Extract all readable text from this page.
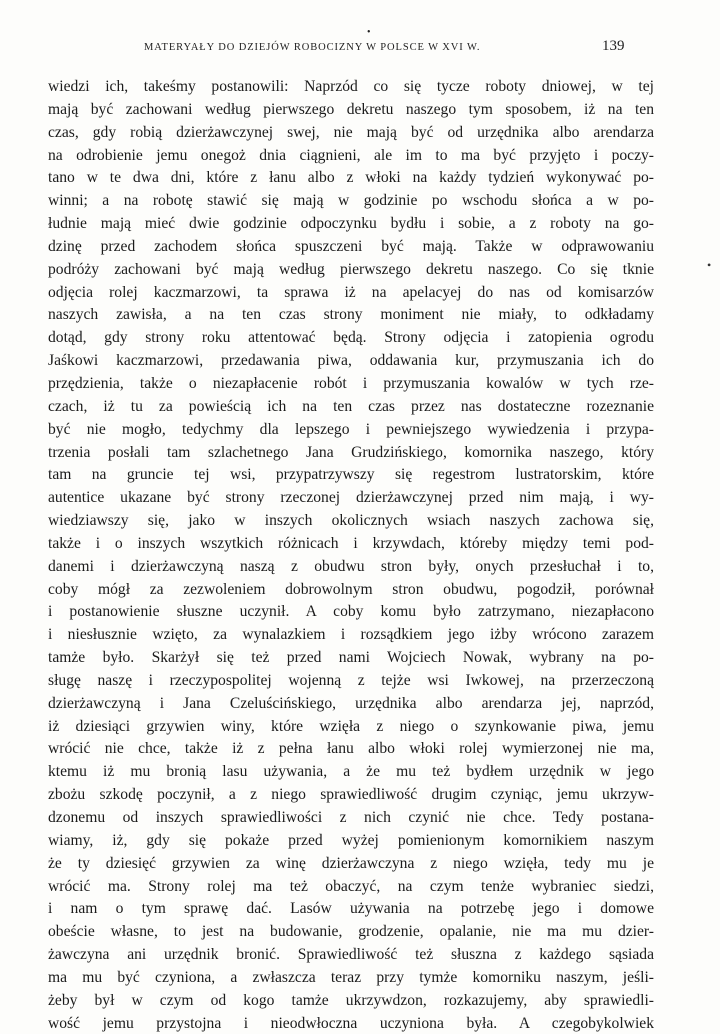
•
MATERYAŁY DO DZIEJÓW ROBOCIZNY W POLSCE W XVI W.	139
•
wiedzi ich, takeśmy postanowili: Naprzód co się tycze roboty dniowej, w tej
mają być zachowani według pierwszego dekretu naszego tym sposobem, iż na ten
czas, gdy robią dzierżawczynej swej, nie mają być od urzędnika albo arendarza
na odrobienie jemu onegoż dnia ciągnieni, ale im to ma być przyjęto i poczy-
tano w te dwa dni, które z łanu albo z włoki na każdy tydzień wykonywać po-
winni; a na robotę stawić się mają w godzinie po wschodu słońca a w po-
łudnie mają mieć dwie godzinie odpoczynku bydłu i sobie, a z roboty na go-
dzinę przed zachodem słońca spuszczeni być mają. Także w odprawowaniu
podróży zachowani być mają według pierwszego dekretu naszego. Co się tknie
odjęcia rolej kaczmarzowi, ta sprawa iż na apelacyej do nas od komisarzów
naszych zawisła, a na ten czas strony moniment nie miały, to odkładamy
dotąd, gdy strony roku attentować będą. Strony odjęcia i zatopienia ogrodu
Jaśkowi kaczmarzowi, przedawania piwa, oddawania kur, przymuszania ich do
przędzienia, także o niezapłacenie robót i przymuszania kowalów w tych rze-
czach, iż tu za powieścią ich na ten czas przez nas dostateczne rozeznanie
być nie mogło, tedychmy dla lepszego i pewniejszego wywiedzenia i przypa-
trzenia posłali tam szlachetnego Jana Grudzińskiego, komornika naszego, który
tam na gruncie tej wsi, przypatrzywszy się regestrom lustratorskim, które
autentice ukazane być strony rzeczonej dzierżawczynej przed nim mają, i wy-
wiedziawszy się, jako w inszych okolicznych wsiach naszych zachowa się,
także i o inszych wszytkich różnicach i krzywdach, któreby między temi pod-
danemi i dzierżawczyną naszą z obudwu stron były, onych przesłuchał i to,
coby mógł za zezwoleniem dobrowolnym stron obudwu, pogodził, porównał
i postanowienie słuszne uczynił. A coby komu było zatrzymano, niezapłacono
i niesłusznie wzięto, za wynalazkiem i rozsądkiem jego iżby wrócono zarazem
tamże było. Skarżył się też przed nami Wojciech Nowak, wybrany na po-
sługę naszę i rzeczypospolitej wojenną z tejże wsi Iwkowej, na przerzeczoną
dzierżawczyną i Jana Czeluścińskiego, urzędnika albo arendarza jej, naprzód,
iż dziesiąci grzywien winy, które wzięła z niego o szynkowanie piwa, jemu
wrócić nie chce, także iż z pełna łanu albo włoki rolej wymierzonej nie ma,
ktemu iż mu bronią lasu używania, a że mu też bydłem urzędnik w jego
zbożu szkodę poczynił, a z niego sprawiedliwość drugim czyniąc, jemu ukrzyw-
dzonemu od inszych sprawiedliwości z nich czynić nie chce. Tedy postana-
wiamy, iż, gdy się pokaże przed wyżej pomienionym komornikiem naszym
że ty dziesięć grzywien za winę dzierżawczyna z niego wzięła, tedy mu je
wrócić ma. Strony rolej ma też obaczyć, na czym tenże wybraniec siedzi,
i nam o tym sprawę dać. Lasów używania na potrzebę jego i domowe
obeście własne, to jest na budowanie, grodzenie, opalanie, nie ma mu dzier-
żawczyna ani urzędnik bronić. Sprawiedliwość też słuszna z każdego sąsiada
ma mu być czyniona, a zwłaszcza teraz przy tymże komorniku naszym, jeśli-
żeby był w czym od kogo tamże ukrzywdzon, rozkazujemy, aby sprawiedli-
wość jemu przystojna i nieodwłoczna uczyniona była. A czegobykolwiek
